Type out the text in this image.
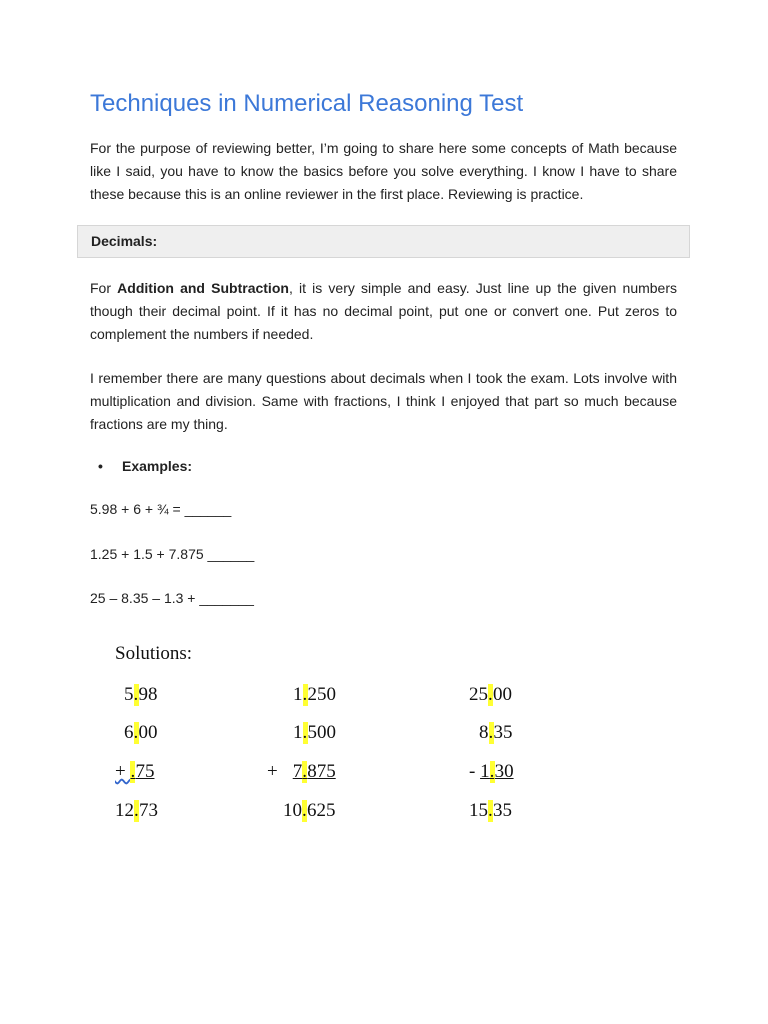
Techniques in Numerical Reasoning Test

For the purpose of reviewing better, I’m going to share here some concepts of Math because like I said, you have to know the basics before you solve everything. I know I have to share these because this is an online reviewer in the first place. Reviewing is practice.

Decimals:

For Addition and Subtraction, it is very simple and easy. Just line up the given numbers though their decimal point. If it has no decimal point, put one or convert one. Put zeros to complement the numbers if needed.

I remember there are many questions about decimals when I took the exam. Lots involve with multiplication and division. Same with fractions, I think I enjoyed that part so much because fractions are my thing.

• Examples:
5.98 + 6 + ¾ = ______
1.25 + 1.5 + 7.875 ______
25 – 8.35 – 1.3 + _______
Solutions:
5 . 98
6 . 00
+ . 75
12 . 73
1 . 250
1 . 500
+ 7 . 875
10 . 625
25 . 00
8 . 35
- 1 . 30
15 . 35
